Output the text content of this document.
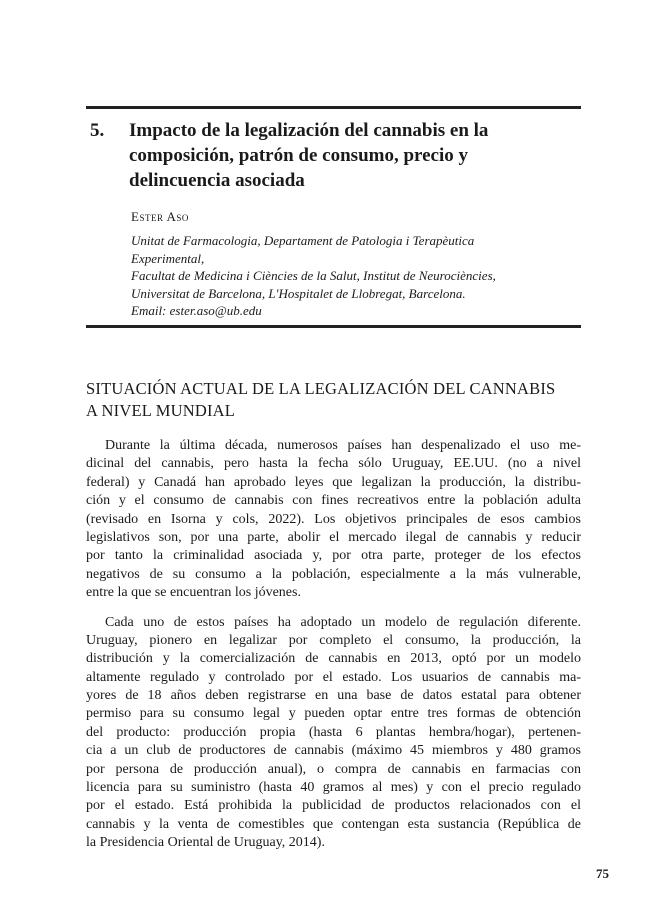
5. Impacto de la legalización del cannabis en la
composición, patrón de consumo, precio y
delincuencia asociada
Ester Aso
Unitat de Farmacologia, Departament de Patologia i Terapèutica
Experimental,
Facultat de Medicina i Ciències de la Salut, Institut de Neurociències,
Universitat de Barcelona, L'Hospitalet de Llobregat, Barcelona.
Email: ester.aso@ub.edu
SITUACIÓN ACTUAL DE LA LEGALIZACIÓN DEL CANNABIS
A NIVEL MUNDIAL

Durante la última década, numerosos países han despenalizado el uso me-
dicinal del cannabis, pero hasta la fecha sólo Uruguay, EE.UU. (no a nivel
federal) y Canadá han aprobado leyes que legalizan la producción, la distribu-
ción y el consumo de cannabis con fines recreativos entre la población adulta
(revisado en Isorna y cols, 2022). Los objetivos principales de esos cambios
legislativos son, por una parte, abolir el mercado ilegal de cannabis y reducir
por tanto la criminalidad asociada y, por otra parte, proteger de los efectos
negativos de su consumo a la población, especialmente a la más vulnerable,
entre la que se encuentran los jóvenes.

Cada uno de estos países ha adoptado un modelo de regulación diferente.
Uruguay, pionero en legalizar por completo el consumo, la producción, la
distribución y la comercialización de cannabis en 2013, optó por un modelo
altamente regulado y controlado por el estado. Los usuarios de cannabis ma-
yores de 18 años deben registrarse en una base de datos estatal para obtener
permiso para su consumo legal y pueden optar entre tres formas de obtención
del producto: producción propia (hasta 6 plantas hembra/hogar), pertenen-
cia a un club de productores de cannabis (máximo 45 miembros y 480 gramos
por persona de producción anual), o compra de cannabis en farmacias con
licencia para su suministro (hasta 40 gramos al mes) y con el precio regulado
por el estado. Está prohibida la publicidad de productos relacionados con el
cannabis y la venta de comestibles que contengan esta sustancia (República de
la Presidencia Oriental de Uruguay, 2014).

75
